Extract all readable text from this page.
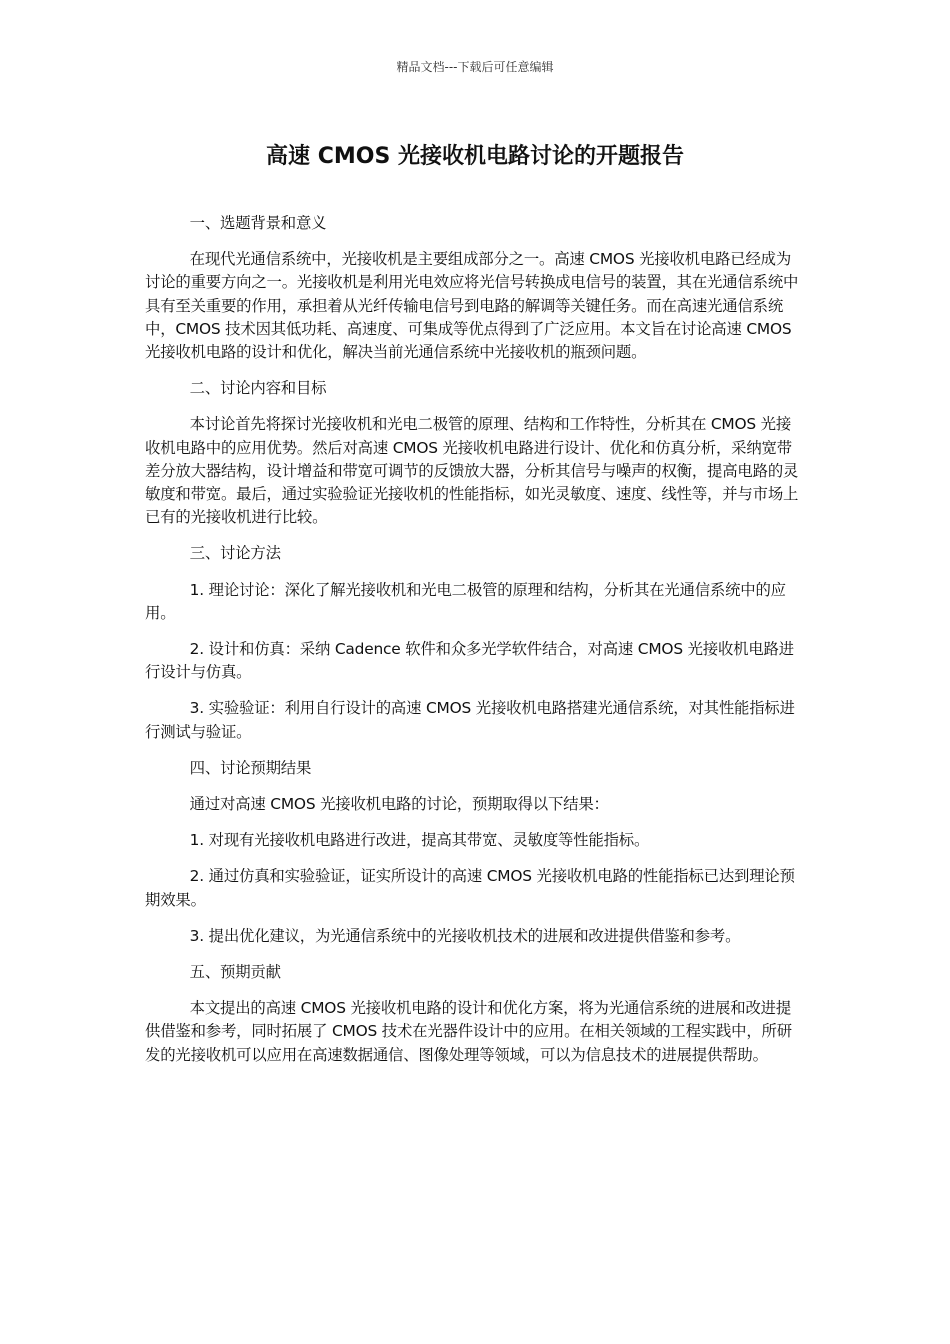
精品文档---下载后可任意编辑
高速 CMOS 光接收机电路讨论的开题报告

一、选题背景和意义

在现代光通信系统中，光接收机是主要组成部分之一。高速 CMOS 光接收机电路已经成为讨论的重要方向之一。光接收机是利用光电效应将光信号转换成电信号的装置，其在光通信系统中具有至关重要的作用，承担着从光纤传输电信号到电路的解调等关键任务。而在高速光通信系统中，CMOS 技术因其低功耗、高速度、可集成等优点得到了广泛应用。本文旨在讨论高速 CMOS 光接收机电路的设计和优化，解决当前光通信系统中光接收机的瓶颈问题。

二、讨论内容和目标

本讨论首先将探讨光接收机和光电二极管的原理、结构和工作特性，分析其在 CMOS 光接收机电路中的应用优势。然后对高速 CMOS 光接收机电路进行设计、优化和仿真分析，采纳宽带差分放大器结构，设计增益和带宽可调节的反馈放大器，分析其信号与噪声的权衡，提高电路的灵敏度和带宽。最后，通过实验验证光接收机的性能指标，如光灵敏度、速度、线性等，并与市场上已有的光接收机进行比较。

三、讨论方法

1. 理论讨论：深化了解光接收机和光电二极管的原理和结构，分析其在光通信系统中的应用。

2. 设计和仿真：采纳 Cadence 软件和众多光学软件结合，对高速 CMOS 光接收机电路进行设计与仿真。

3. 实验验证：利用自行设计的高速 CMOS 光接收机电路搭建光通信系统，对其性能指标进行测试与验证。

四、讨论预期结果

通过对高速 CMOS 光接收机电路的讨论，预期取得以下结果：

1. 对现有光接收机电路进行改进，提高其带宽、灵敏度等性能指标。

2. 通过仿真和实验验证，证实所设计的高速 CMOS 光接收机电路的性能指标已达到理论预期效果。

3. 提出优化建议，为光通信系统中的光接收机技术的进展和改进提供借鉴和参考。

五、预期贡献

本文提出的高速 CMOS 光接收机电路的设计和优化方案，将为光通信系统的进展和改进提供借鉴和参考，同时拓展了 CMOS 技术在光器件设计中的应用。在相关领域的工程实践中，所研发的光接收机可以应用在高速数据通信、图像处理等领域，可以为信息技术的进展提供帮助。
